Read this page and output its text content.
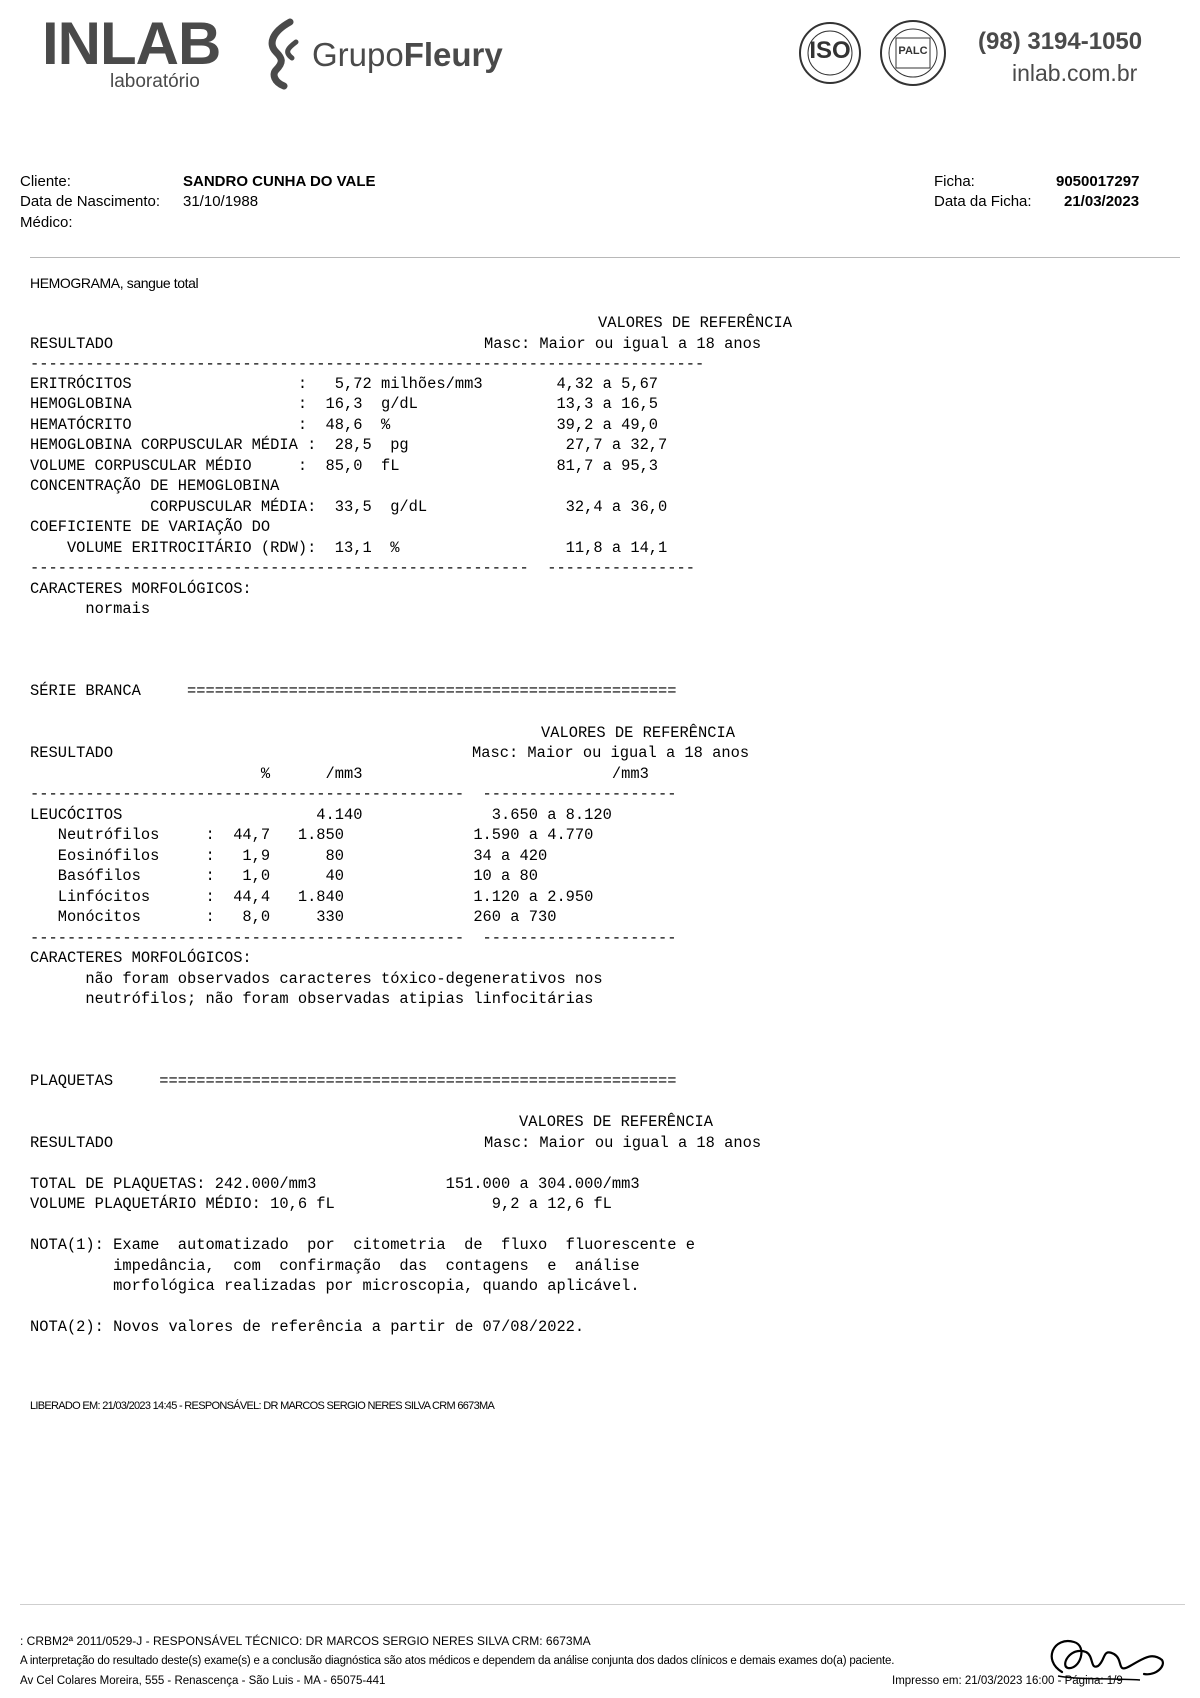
INLAB
laboratório
GrupoFleury	ISO	PALC	(98) 3194-1050
inlab.com.br
Cliente:	SANDRO CUNHA DO VALE
Data de Nascimento: 31/10/1988
Médico:
Ficha:	9050017297
Data da Ficha: 21/03/2023
HEMOGRAMA, sangue total
VALORES DE REFERÊNCIA
RESULTADO	Masc: Maior ou igual a 18 anos
-------------------------------------------------------------------------
ERITRÓCITOS                  :   5,72 milhões/mm3        4,32 a 5,67
HEMOGLOBINA                  :  16,3  g/dL               13,3 a 16,5
HEMATÓCRITO                  :  48,6  %                  39,2 a 49,0
HEMOGLOBINA CORPUSCULAR MÉDIA :  28,5  pg                 27,7 a 32,7
VOLUME CORPUSCULAR MÉDIO     :  85,0  fL                 81,7 a 95,3
CONCENTRAÇÃO DE HEMOGLOBINA
CORPUSCULAR MÉDIA:  33,5  g/dL               32,4 a 36,0
COEFICIENTE DE VARIAÇÃO DO
VOLUME ERITROCITÁRIO (RDW):  13,1  %                  11,8 a 14,1
------------------------------------------------------  ----------------
CARACTERES MORFOLÓGICOS:
normais
SÉRIE BRANCA     =====================================================
VALORES DE REFERÊNCIA
RESULTADO	Masc: Maior ou igual a 18 anos
%      /mm3                           /mm3
-----------------------------------------------  ---------------------
LEUCÓCITOS                     4.140              3.650 a 8.120
Neutrófilos     :  44,7   1.850              1.590 a 4.770
Eosinófilos     :   1,9      80              34 a 420
Basófilos       :   1,0      40              10 a 80
Linfócitos      :  44,4   1.840              1.120 a 2.950
Monócitos       :   8,0     330              260 a 730
-----------------------------------------------  ---------------------
CARACTERES MORFOLÓGICOS:
não foram observados caracteres tóxico-degenerativos nos
neutrófilos; não foram observadas atipias linfocitárias
PLAQUETAS     ========================================================
VALORES DE REFERÊNCIA
RESULTADO	Masc: Maior ou igual a 18 anos
TOTAL DE PLAQUETAS: 242.000/mm3              151.000 a 304.000/mm3
VOLUME PLAQUETÁRIO MÉDIO: 10,6 fL                 9,2 a 12,6 fL
NOTA(1): Exame  automatizado  por  citometria  de  fluxo  fluorescente e
impedância,  com  confirmação  das  contagens  e  análise
morfológica realizadas por microscopia, quando aplicável.
NOTA(2): Novos valores de referência a partir de 07/08/2022.
LIBERADO EM: 21/03/2023 14:45 - RESPONSÁVEL: DR MARCOS SERGIO NERES SILVA CRM 6673MA
: CRBM2ª 2011/0529-J - RESPONSÁVEL TÉCNICO: DR MARCOS SERGIO NERES SILVA CRM: 6673MA
A interpretação do resultado deste(s) exame(s) e a conclusão diagnóstica são atos médicos e dependem da análise conjunta dos dados clínicos e demais exames do(a) paciente.
Av Cel Colares Moreira, 555 - Renascença - São Luis - MA - 65075-441	Impresso em: 21/03/2023 16:00 - Página: 1/9
